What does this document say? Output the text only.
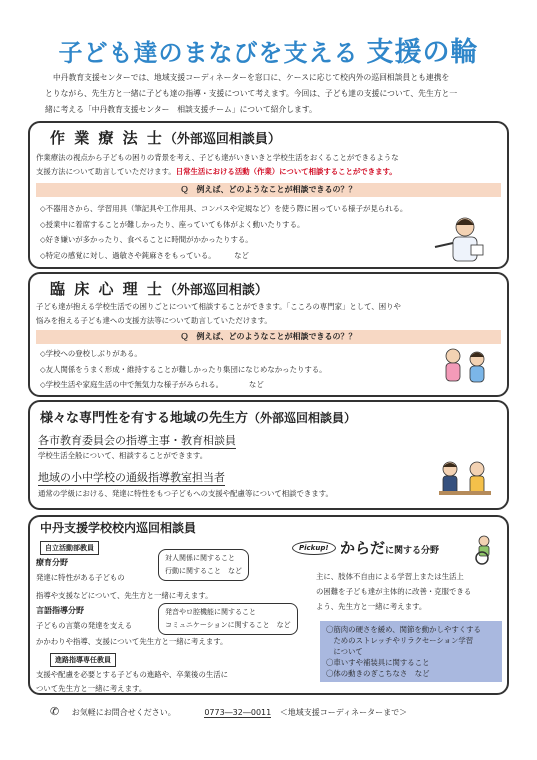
子ども達のまなびを支える 支援の輪

中丹教育支援センターでは、地域支援コーディネーターを窓口に、ケースに応じて校内外の巡回相談員とも連携を

とりながら、先生方と一緒に子ども達の指導・支援について考えます。今回は、子ども達の支援について、先生方と一
緒に考える「中丹教育支援センター　相談支援チーム」について紹介します。
作 業 療 法 士（外部巡回相談員）
作業療法の視点から子どもの困りの背景を考え、子ども達がいきいきと学校生活をおくることができるような
支援方法について助言していただけます。日常生活における活動（作業）について相談することができます。
Ｑ　例えば、どのようなことが相談できるの？？
◇不器用さから、学習用具（筆記具や工作用具、コンパスや定規など）を使う際に困っている様子が見られる。
◇授業中に着席することが難しかったり、座っていても体がよく動いたりする。
◇好き嫌いが多かったり、食べることに時間がかかったりする。
◇特定の感覚に対し、過敏さや鈍麻さをもっている。　　　など
臨 床 心 理 士（外部巡回相談）
子ども達が抱える学校生活での困りごとについて相談することができます。「こころの専門家」として、困りや
悩みを抱える子ども達への支援方法等について助言していただけます。
Ｑ　例えば、どのようなことが相談できるの？？
◇学校への登校しぶりがある。
◇友人関係をうまく形成・維持することが難しかったり集団になじめなかったりする。
◇学校生活や家庭生活の中で無気力な様子がみられる。　　　　など
様々な専門性を有する地域の先生方（外部巡回相談員）
各市教育委員会の指導主事・教育相談員
学校生活全般について、相談することができます。
地域の小中学校の通級指導教室担当者
通常の学級における、発達に特性をもつ子どもへの支援や配慮等について相談できます。
中丹支援学校校内巡回相談員
自立活動部教員
療育分野
発達に特性がある子どもの
指導や支援などについて、先生方と一緒に考えます。
対人関係に関すること
行動に関すること　など
言語指導分野
子どもの言葉の発達を支える
かかわりや指導、支援について先生方と一緒に考えます。
発音やロ腔機能に関すること
コミュニケーションに関すること　など
進路指導専任教員
支援や配慮を必要とする子どもの進路や、卒業後の生活に
ついて先生方と一緒に考えます。
Pickup! からだに関する分野
主に、肢体不自由による学習上または生活上
の困難を子ども達が主体的に改善・克服できる
よう、先生方と一緒に考えます。
〇筋肉の硬さを緩め、関節を動かしやすくする
　ためのストレッチやリラクセーション学習
　について
〇車いすや補装具に関すること
〇体の動きのぎこちなさ　など
✆ お気軽にお問合せください。	0773―32―0011 ＜地域支援コーディネーターまで＞
